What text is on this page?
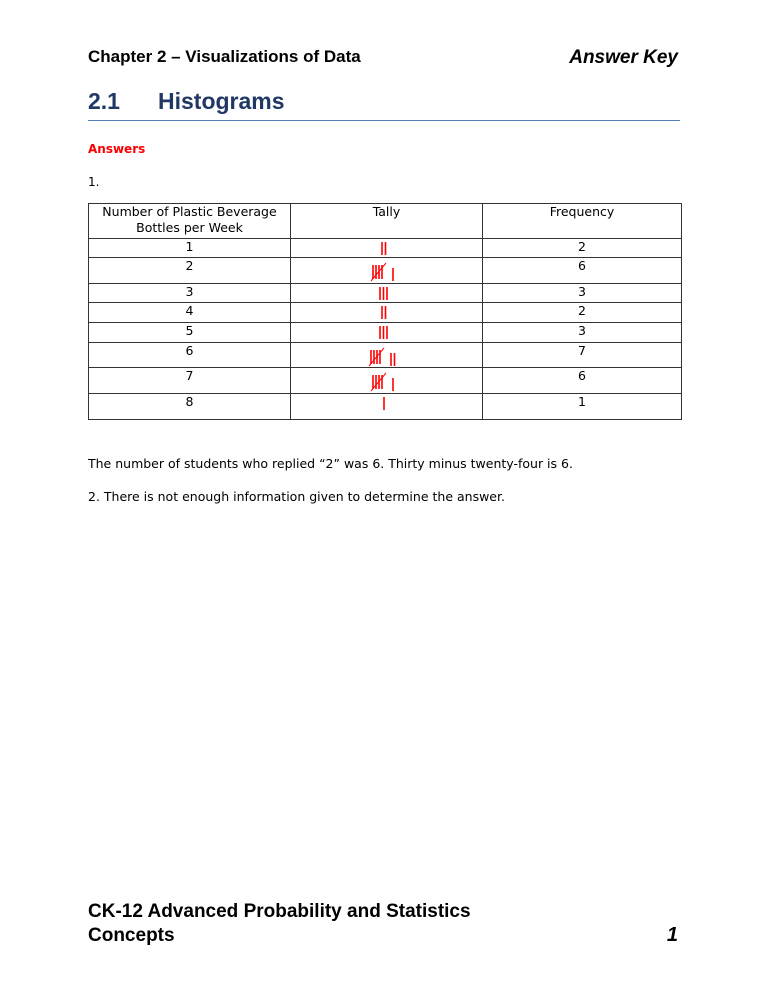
Chapter 2 – Visualizations of Data	Answer Key
2.1 Histograms
Answers
1.
Number of Plastic Beverage Bottles per Week	Tally	Frequency
1		2
2		6
3		3
4		2
5		3
6		7
7		6
8		1
The number of students who replied “2” was 6. Thirty minus twenty-four is 6.
2. There is not enough information given to determine the answer.
CK-12 Advanced Probability and Statistics
Concepts	1
